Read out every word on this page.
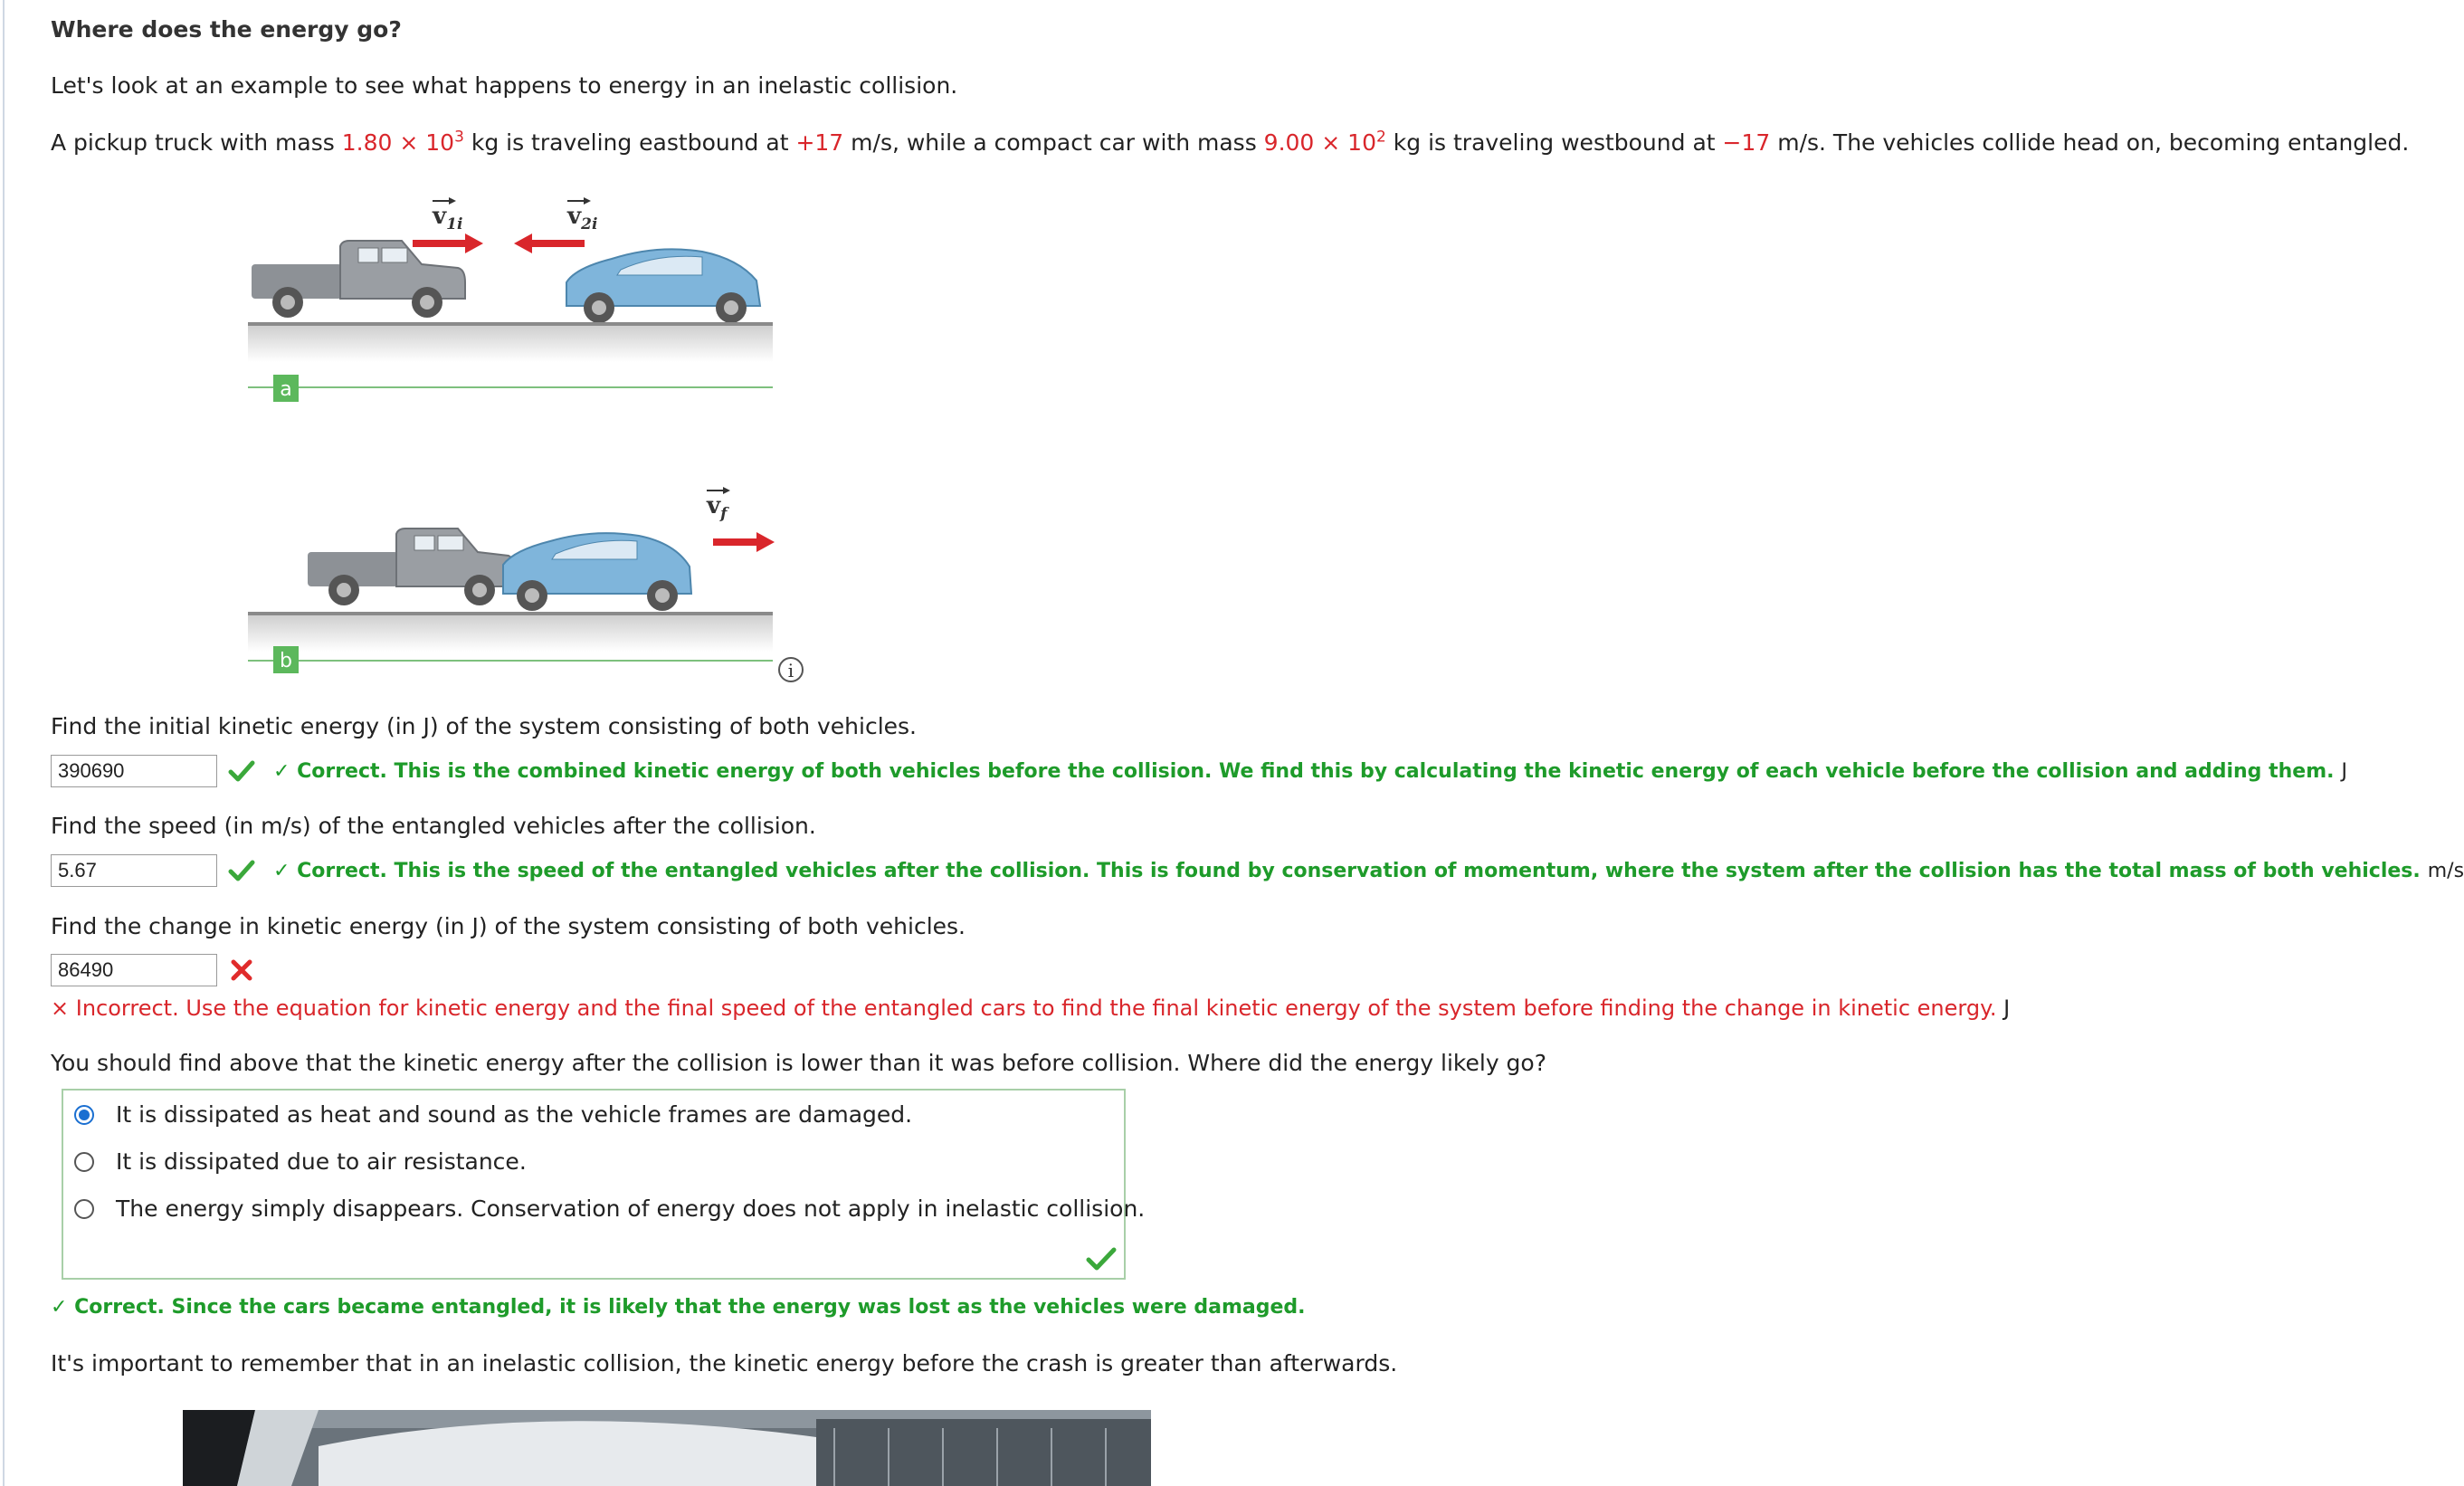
Where does the energy go?
Let's look at an example to see what happens to energy in an inelastic collision.
A pickup truck with mass $1.80 \times 10^3$ kg is traveling eastbound at +17 m/s, while a compact car with mass $9.00 \times 10^2$ kg is traveling westbound at −17 m/s. The vehicles collide head on, becoming entangled.
$v_{1i}$	$v_{2i}$
a
$v_f$
b	i
Find the initial kinetic energy (in J) of the system consisting of both vehicles.
390690
✓ Correct. This is the combined kinetic energy of both vehicles before the collision. We find this by calculating the kinetic energy of each vehicle before the collision and adding them. J
Find the speed (in m/s) of the entangled vehicles after the collision.
5.67
✓ Correct. This is the speed of the entangled vehicles after the collision. This is found by conservation of momentum, where the system after the collision has the total mass of both vehicles. m/s
Find the change in kinetic energy (in J) of the system consisting of both vehicles.
86490
× Incorrect. Use the equation for kinetic energy and the final speed of the entangled cars to find the final kinetic energy of the system before finding the change in kinetic energy. J
You should find above that the kinetic energy after the collision is lower than it was before collision. Where did the energy likely go?
It is dissipated as heat and sound as the vehicle frames are damaged.
It is dissipated due to air resistance.
The energy simply disappears. Conservation of energy does not apply in inelastic collision.
✓ Correct. Since the cars became entangled, it is likely that the energy was lost as the vehicles were damaged.
It's important to remember that in an inelastic collision, the kinetic energy before the crash is greater than afterwards.
